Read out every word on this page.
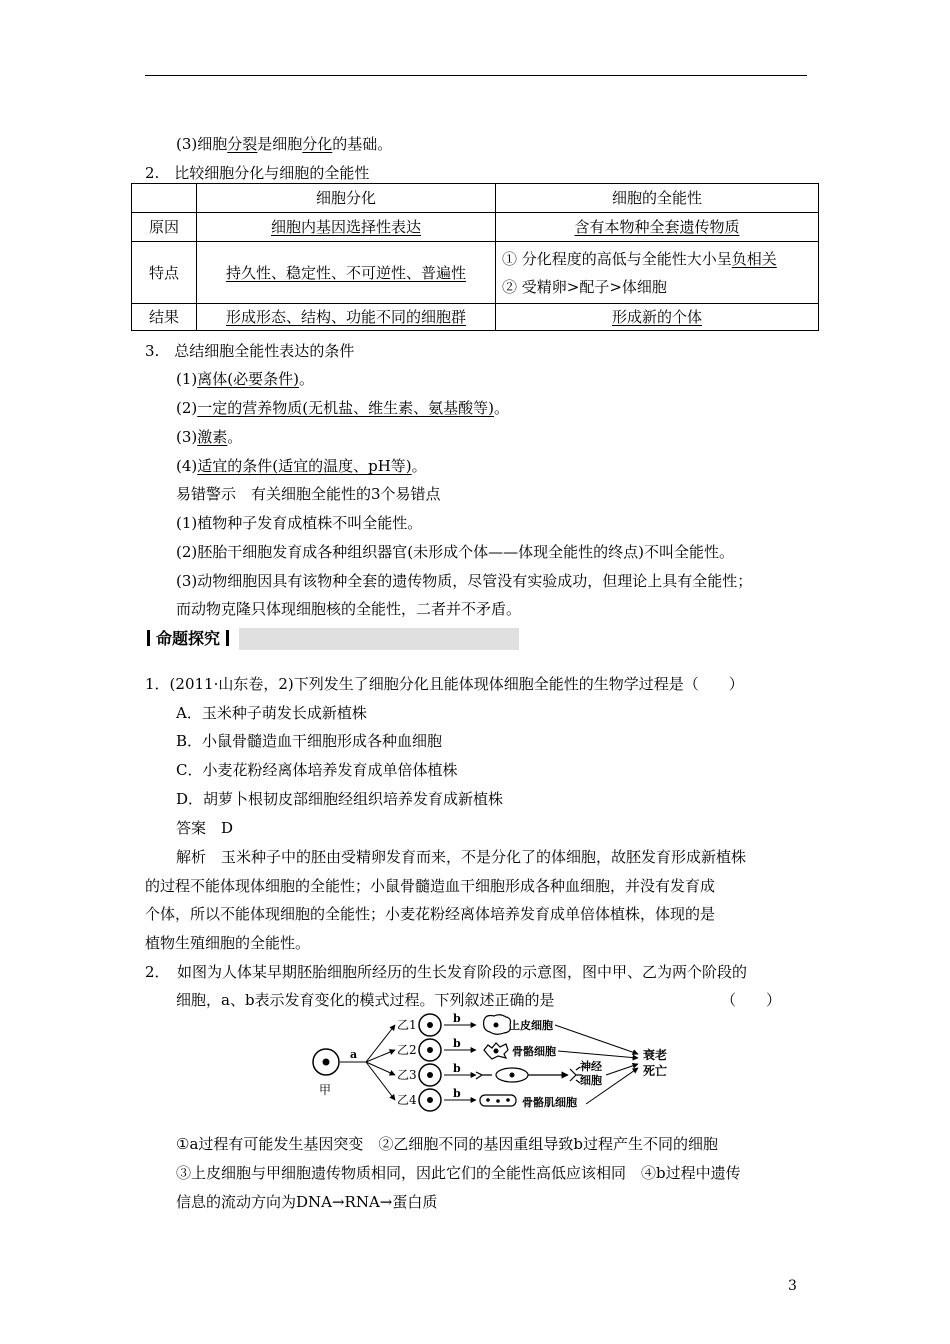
(3)细胞分裂是细胞分化的基础。
2.　比较细胞分化与细胞的全能性
	细胞分化	细胞的全能性
原因	细胞内基因选择性表达	含有本物种全套遗传物质
特点	持久性、稳定性、不可逆性、普遍性	① 分化程度的高低与全能性大小呈负相关
② 受精卵>配子>体细胞

结果	形成形态、结构、功能不同的细胞群	形成新的个体
3.　总结细胞全能性表达的条件
(1)离体(必要条件)。
(2)一定的营养物质(无机盐、维生素、氨基酸等)。
(3)激素。
(4)适宜的条件(适宜的温度、pH等)。
易错警示　有关细胞全能性的3个易错点
(1)植物种子发育成植株不叫全能性。
(2)胚胎干细胞发育成各种组织器官(未形成个体——体现全能性的终点)不叫全能性。
(3)动物细胞因具有该物种全套的遗传物质，尽管没有实验成功，但理论上具有全能性；
而动物克隆只体现细胞核的全能性，二者并不矛盾。
命题探究
1．(2011·山东卷，2)下列发生了细胞分化且能体现体细胞全能性的生物学过程是（　　）
A．玉米种子萌发长成新植株
B．小鼠骨髓造血干细胞形成各种血细胞
C．小麦花粉经离体培养发育成单倍体植株
D．胡萝卜根韧皮部细胞经组织培养发育成新植株
答案　D
解析　玉米种子中的胚由受精卵发育而来，不是分化了的体细胞，故胚发育形成新植株
的过程不能体现体细胞的全能性；小鼠骨髓造血干细胞形成各种血细胞，并没有发育成
个体，所以不能体现细胞的全能性；小麦花粉经离体培养发育成单倍体植株，体现的是
植物生殖细胞的全能性。
2．　如图为人体某早期胚胎细胞所经历的生长发育阶段的示意图，图中甲、乙为两个阶段的
细胞，a、b表示发育变化的模式过程。下列叙述正确的是	（　　）
甲
a
乙1
乙2
乙3
乙4
b
b
b
b
上皮细胞
骨骼细胞
神经
细胞
骨骼肌细胞
衰老
死亡
①a过程有可能发生基因突变　②乙细胞不同的基因重组导致b过程产生不同的细胞
③上皮细胞与甲细胞遗传物质相同，因此它们的全能性高低应该相同　④b过程中遗传
信息的流动方向为DNA→RNA→蛋白质
3
